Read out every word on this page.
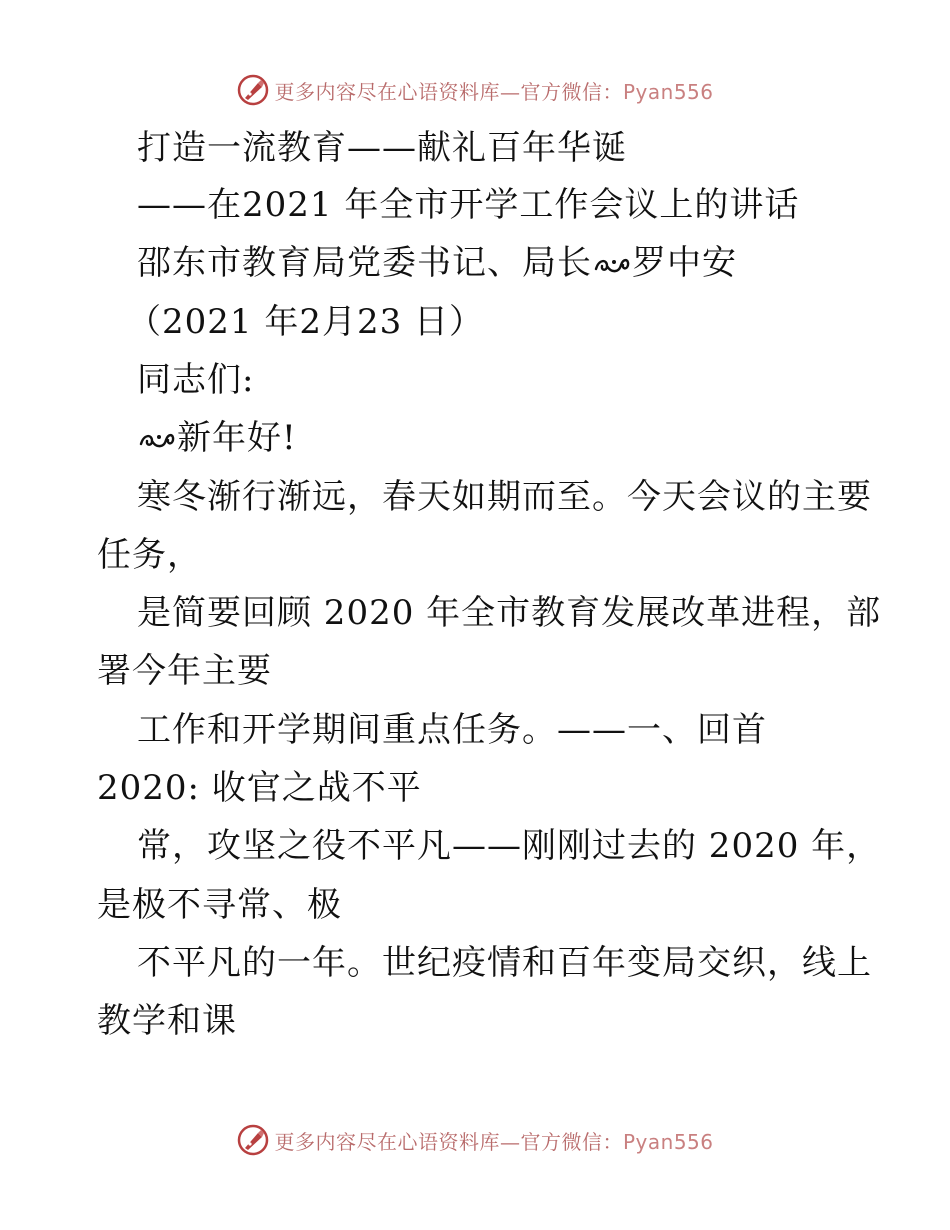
更多内容尽在心语资料库—官方微信：Pyan556
打造一流教育——献礼百年华诞
——在2021 年全市开学工作会议上的讲话
邵东市教育局党委书记、局长 罗中安
（2021 年2月23 日）
同志们:
新年好!
寒冬渐行渐远，春天如期而至。今天会议的主要
任务，
是简要回顾 2020 年全市教育发展改革进程，部
署今年主要
工作和开学期间重点任务。——一、回首
2020: 收官之战不平
常，攻坚之役不平凡——刚刚过去的 2020 年，
是极不寻常、极
不平凡的一年。世纪疫情和百年变局交织，线上
教学和课
更多内容尽在心语资料库—官方微信：Pyan556
